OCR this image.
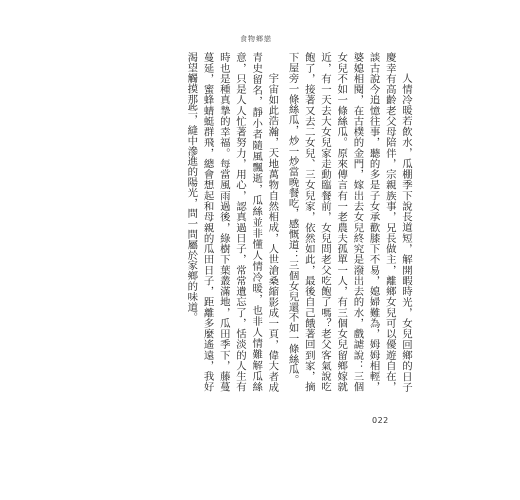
食物鄉戀

人情冷暖若飲水，瓜棚季下說長道短，解開暇時光，女兒回鄉的日子慶幸有高齡老父母陪伴，宗親族事，兄長做主，離鄉女兒可以優遊自在，談古說今追憶往事，聽的多是子女承歡膝下不易，媳婦難為，姆姆相輕，婆媳相閱，在古樸的金門，嫁出去女兒終究是潑出去的水，戲謔說：三個女兒不如一條絲瓜。原來傳言有一老農夫孤單一人，有三個女兒留鄉嫁就近，有一天去大女兒家走動臨餐前，女兒問老父吃飽了嗎？老父客氣說吃飽了，接著又去二女兒、三女兒家，依然如此，最後自己餓著回到家，摘下屋旁一條絲瓜，炒一炒當晚餐吃，感慨道：三個女兒還不如一條絲瓜。

宇宙如此浩瀚，天地萬物自然相成，人世滄桑縮影成一頁，偉大者成青史留名，靜小者隨風飄逝，瓜絲並非懂人情冷暖，也非人情難解瓜絲意，只是人人忙著努力，用心，認真過日子，常常遺忘了，恬淡的人生有時也是種真摯的幸福。每當風雨過後，綠樹下葉叢滿地，瓜田季下，藤蔓蔓延，蜜蜂蜻蜓群飛，總會想起和母親的瓜田日子，距離多麼遙遠，我好渴望觸摸那些，縫中滲進的陽光，問一問屬於家鄉的味道。

022
